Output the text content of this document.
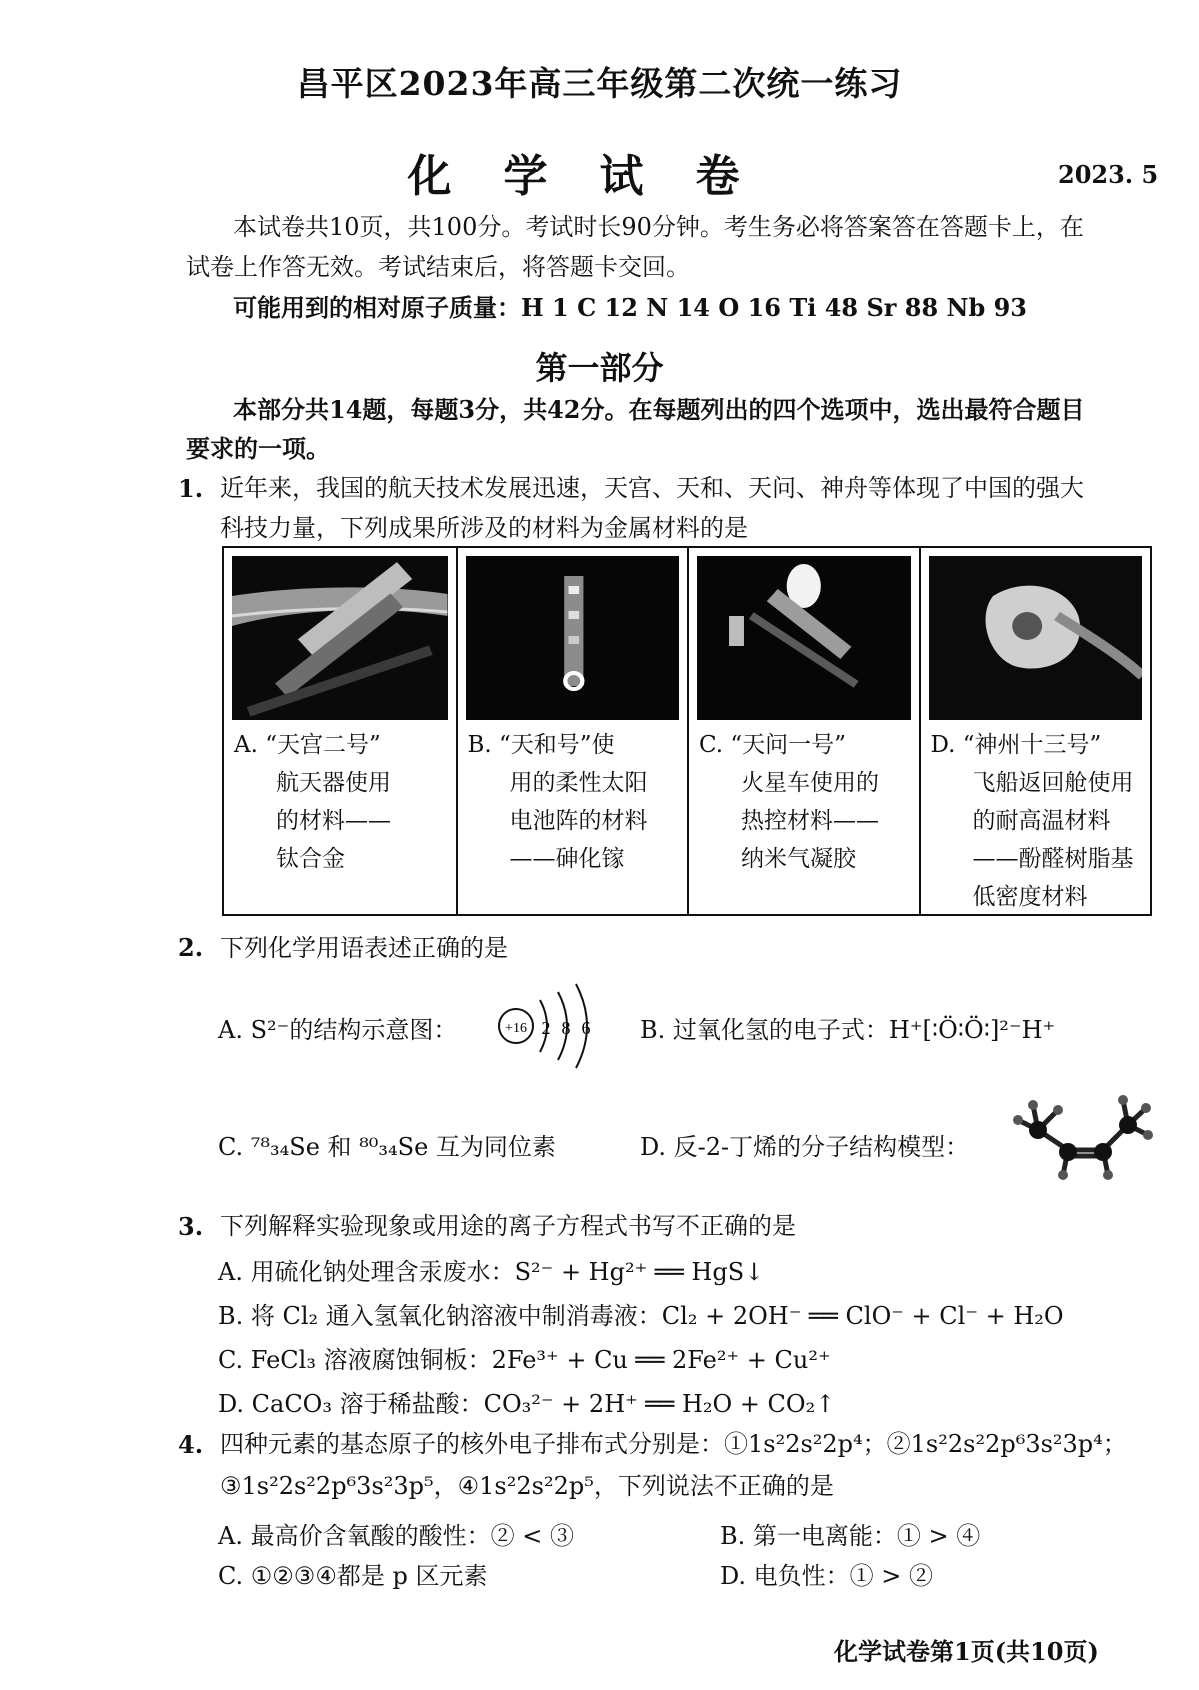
昌平区2023年高三年级第二次统一练习
化学试卷	2023. 5
本试卷共10页，共100分。考试时长90分钟。考生务必将答案答在答题卡上，在
试卷上作答无效。考试结束后，将答题卡交回。
可能用到的相对原子质量：H 1 C 12 N 14 O 16 Ti 48 Sr 88 Nb 93
第一部分
本部分共14题，每题3分，共42分。在每题列出的四个选项中，选出最符合题目
要求的一项。
1. 近年来，我国的航天技术发展迅速，天宫、天和、天问、神舟等体现了中国的强大
科技力量，下列成果所涉及的材料为金属材料的是
A. “天宫二号”
航天器使用
的材料——
钛合金
B. “天和号”使
用的柔性太阳
电池阵的材料
——砷化镓
C. “天问一号”
火星车使用的
热控材料——
纳米气凝胶
D. “神州十三号”
飞船返回舱使用
的耐高温材料
——酚醛树脂基
低密度材料
2. 下列化学用语表述正确的是
A. S²⁻的结构示意图：	+16 2 8 6 B. 过氧化氢的电子式：H⁺[∶Ö∶Ö∶]²⁻H⁺
C. ⁷⁸₃₄Se 和 ⁸⁰₃₄Se 互为同位素	D. 反-2-丁烯的分子结构模型：
3. 下列解释实验现象或用途的离子方程式书写不正确的是
A. 用硫化钠处理含汞废水：S²⁻ + Hg²⁺ ══ HgS↓
B. 将 Cl₂ 通入氢氧化钠溶液中制消毒液：Cl₂ + 2OH⁻ ══ ClO⁻ + Cl⁻ + H₂O
C. FeCl₃ 溶液腐蚀铜板：2Fe³⁺ + Cu ══ 2Fe²⁺ + Cu²⁺
D. CaCO₃ 溶于稀盐酸：CO₃²⁻ + 2H⁺ ══ H₂O + CO₂↑
4. 四种元素的基态原子的核外电子排布式分别是：①1s²2s²2p⁴；②1s²2s²2p⁶3s²3p⁴；
③1s²2s²2p⁶3s²3p⁵，④1s²2s²2p⁵，下列说法不正确的是
A. 最高价含氧酸的酸性：② < ③	B. 第一电离能：① > ④
C. ①②③④都是 p 区元素	D. 电负性：① > ②
化学试卷第1页(共10页)
